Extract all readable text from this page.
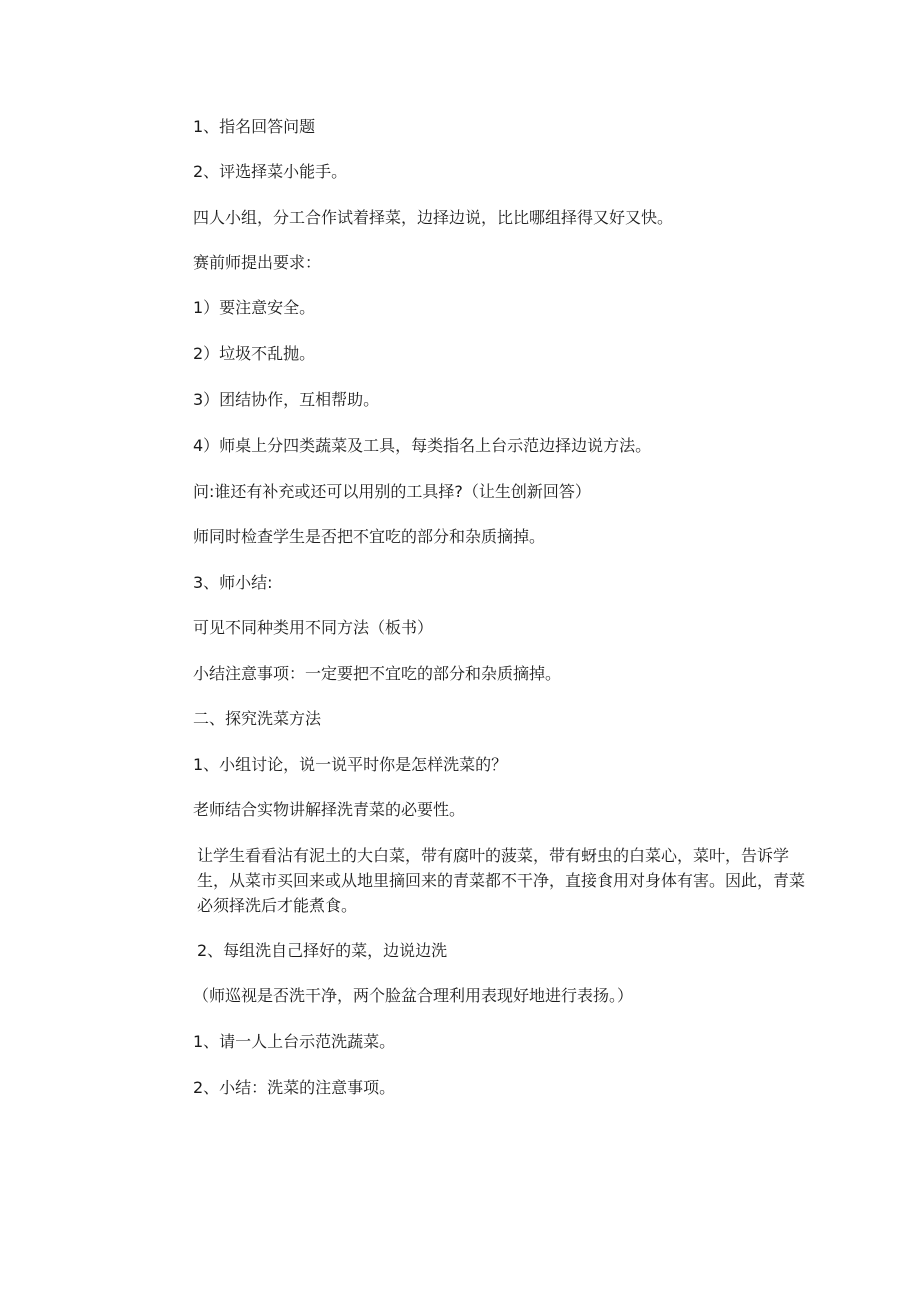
1、指名回答问题

2、评选择菜小能手。

四人小组，分工合作试着择菜，边择边说，比比哪组择得又好又快。

赛前师提出要求：

1）要注意安全。

2）垃圾不乱抛。

3）团结协作，互相帮助。

4）师桌上分四类蔬菜及工具，每类指名上台示范边择边说方法。

问:谁还有补充或还可以用别的工具择?（让生创新回答）

师同时检查学生是否把不宜吃的部分和杂质摘掉。

3、师小结:

可见不同种类用不同方法（板书）

小结注意事项：一定要把不宜吃的部分和杂质摘掉。

二、探究洗菜方法

1、小组讨论，说一说平时你是怎样洗菜的？

老师结合实物讲解择洗青菜的必要性。

让学生看看沾有泥土的大白菜，带有腐叶的菠菜，带有蚜虫的白菜心，菜叶，告诉学生，从菜市买回来或从地里摘回来的青菜都不干净，直接食用对身体有害。因此，青菜必须择洗后才能煮食。

2、每组洗自己择好的菜，边说边洗

（师巡视是否洗干净，两个脸盆合理利用表现好地进行表扬。）

1、请一人上台示范洗蔬菜。

2、小结：洗菜的注意事项。
